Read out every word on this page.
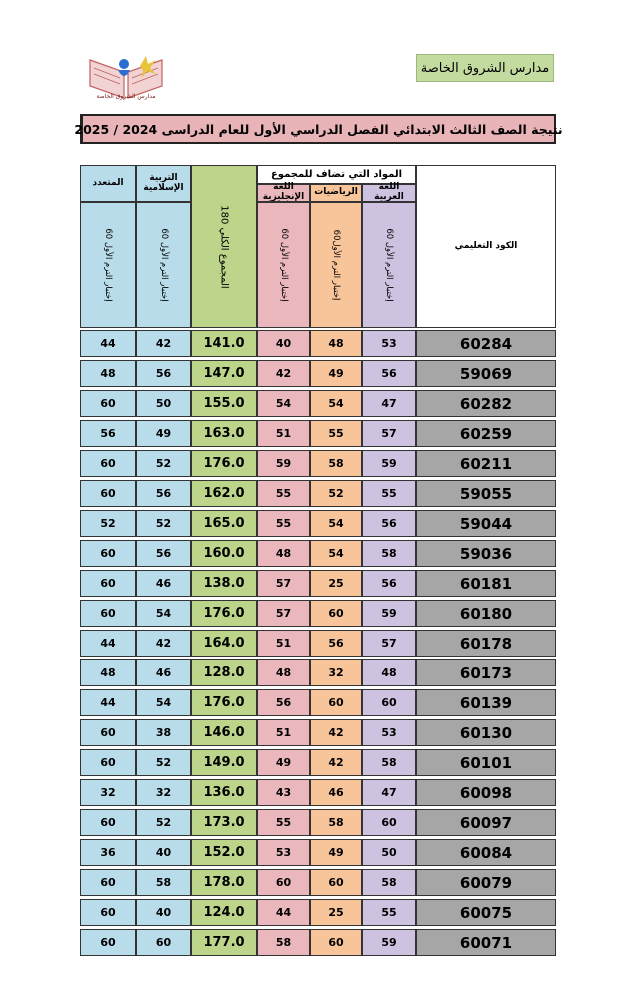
مدارس الشروق الخاصة
مدارس الشروق الخاصة
نتيجة الصف الثالث الابتدائي الفصل الدراسي الأول للعام الدراسى 2024 / 2025
الكود التعليمي
المواد التي تضاف للمجموع
اللغة العربية
الرياضيات
اللغة الإنجليزية
إختبار الترم الأول 60
إختبار الترم الأول60
إختبار الترم الأول 60
المجموع الكلي 180
التربية الإسلامية
المتعدد
إختبار الترم الأول 60
إختبار الترم الأول 60
60284
53
48
40
141.0
42
44
59069
56
49
42
147.0
56
48
60282
47
54
54
155.0
50
60
60259
57
55
51
163.0
49
56
60211
59
58
59
176.0
52
60
59055
55
52
55
162.0
56
60
59044
56
54
55
165.0
52
52
59036
58
54
48
160.0
56
60
60181
56
25
57
138.0
46
60
60180
59
60
57
176.0
54
60
60178
57
56
51
164.0
42
44
60173
48
32
48
128.0
46
48
60139
60
60
56
176.0
54
44
60130
53
42
51
146.0
38
60
60101
58
42
49
149.0
52
60
60098
47
46
43
136.0
32
32
60097
60
58
55
173.0
52
60
60084
50
49
53
152.0
40
36
60079
58
60
60
178.0
58
60
60075
55
25
44
124.0
40
60
60071
59
60
58
177.0
60
60
